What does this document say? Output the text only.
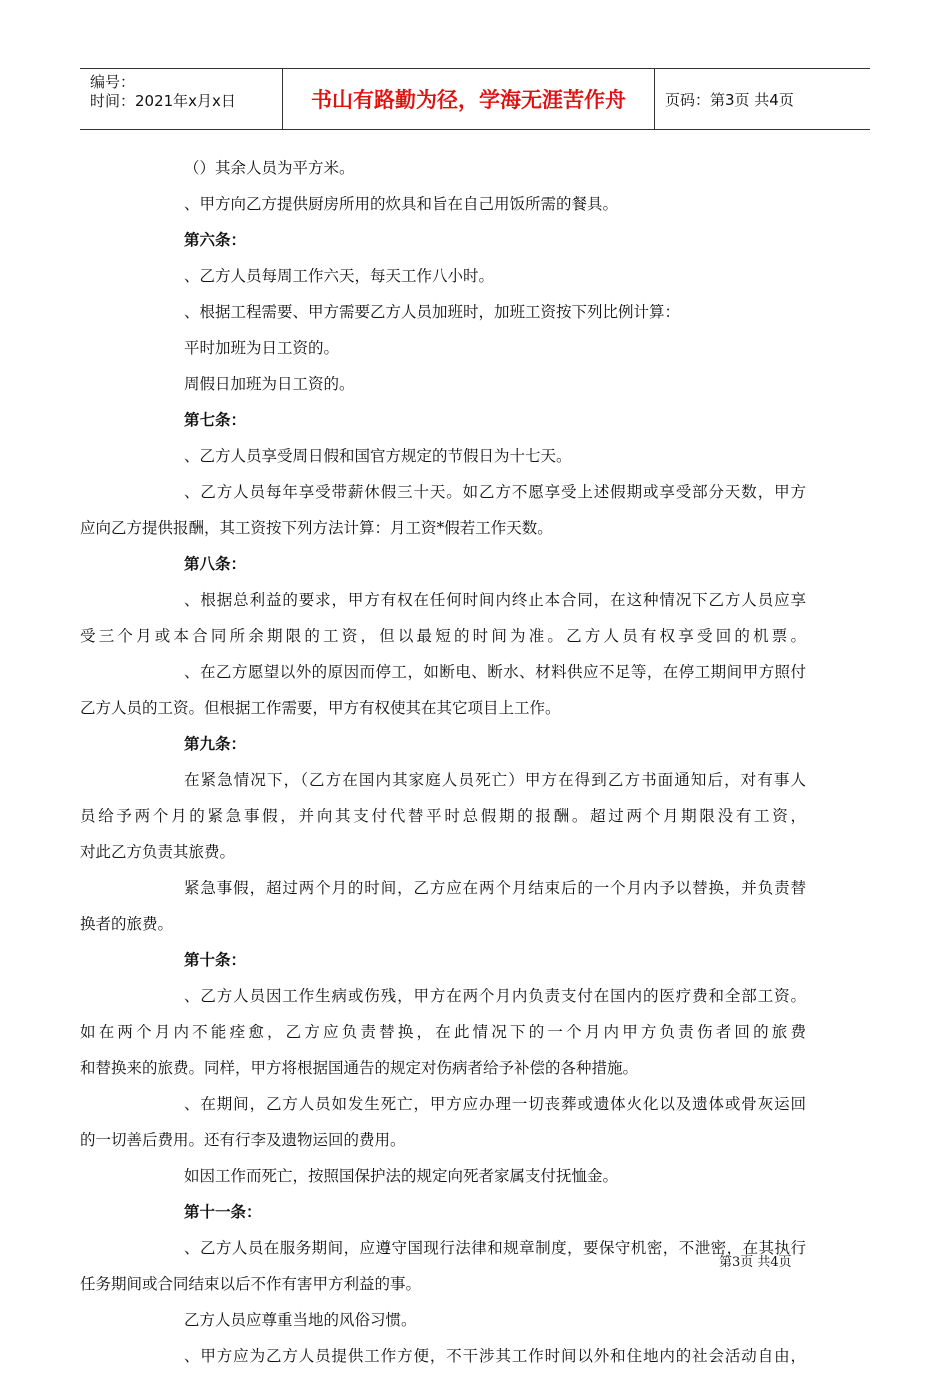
编号：
时间：2021年x月x日	书山有路勤为径，学海无涯苦作舟	页码：第3页 共4页
（）其余人员为平方米。
、甲方向乙方提供厨房所用的炊具和旨在自己用饭所需的餐具。
第六条：
、乙方人员每周工作六天，每天工作八小时。
、根据工程需要、甲方需要乙方人员加班时，加班工资按下列比例计算：
平时加班为日工资的。
周假日加班为日工资的。
第七条：
、乙方人员享受周日假和国官方规定的节假日为十七天。
、乙方人员每年享受带薪休假三十天。如乙方不愿享受上述假期或享受部分天数，甲方
应向乙方提供报酬，其工资按下列方法计算：月工资*假若工作天数。
第八条：
、根据总利益的要求，甲方有权在任何时间内终止本合同，在这种情况下乙方人员应享
受三个月或本合同所余期限的工资，但以最短的时间为准。乙方人员有权享受回的机票。
、在乙方愿望以外的原因而停工，如断电、断水、材料供应不足等，在停工期间甲方照付
乙方人员的工资。但根据工作需要，甲方有权使其在其它项目上工作。
第九条：
在紧急情况下，（乙方在国内其家庭人员死亡）甲方在得到乙方书面通知后，对有事人
员给予两个月的紧急事假，并向其支付代替平时总假期的报酬。超过两个月期限没有工资，
对此乙方负责其旅费。
紧急事假，超过两个月的时间，乙方应在两个月结束后的一个月内予以替换，并负责替
换者的旅费。
第十条：
、乙方人员因工作生病或伤残，甲方在两个月内负责支付在国内的医疗费和全部工资。
如在两个月内不能痊愈，乙方应负责替换，在此情况下的一个月内甲方负责伤者回的旅费
和替换来的旅费。同样，甲方将根据国通告的规定对伤病者给予补偿的各种措施。
、在期间，乙方人员如发生死亡，甲方应办理一切丧葬或遗体火化以及遗体或骨灰运回
的一切善后费用。还有行李及遗物运回的费用。
如因工作而死亡，按照国保护法的规定向死者家属支付抚恤金。
第十一条：
、乙方人员在服务期间，应遵守国现行法律和规章制度，要保守机密，不泄密，在其执行
任务期间或合同结束以后不作有害甲方利益的事。
乙方人员应尊重当地的风俗习惯。
、甲方应为乙方人员提供工作方便，不干涉其工作时间以外和住地内的社会活动自由，
第3页 共4页
